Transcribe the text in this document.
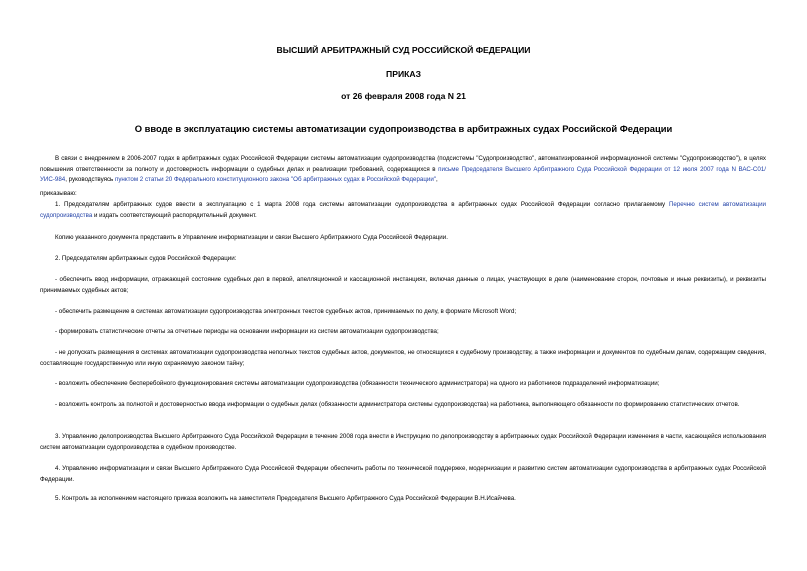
ВЫСШИЙ АРБИТРАЖНЫЙ СУД РОССИЙСКОЙ ФЕДЕРАЦИИ
ПРИКАЗ
от 26 февраля 2008 года N 21
О вводе в эксплуатацию системы автоматизации судопроизводства в арбитражных судах Российской Федерации
В связи с внедрением в 2006-2007 годах в арбитражных судах Российской Федерации системы автоматизации судопроизводства (подсистемы "Судопроизводство", автоматизированной информационной системы "Судопроизводство"), в целях повышения ответственности за полноту и достоверность информации о судебных делах и реализации требований, содержащихся в письме Председателя Высшего Арбитражного Суда Российской Федерации от 12 июля 2007 года N ВАС-С01/УИС-984, руководствуясь пунктом 2 статьи 20 Федерального конституционного закона "Об арбитражных судах в Российской Федерации",
приказываю:
1. Председателям арбитражных судов ввести в эксплуатацию с 1 марта 2008 года системы автоматизации судопроизводства в арбитражных судах Российской Федерации согласно прилагаемому Перечню систем автоматизации судопроизводства и издать соответствующий распорядительный документ.
Копию указанного документа представить в Управление информатизации и связи Высшего Арбитражного Суда Российской Федерации.
2. Председателям арбитражных судов Российской Федерации:
- обеспечить ввод информации, отражающей состояние судебных дел в первой, апелляционной и кассационной инстанциях, включая данные о лицах, участвующих в деле (наименование сторон, почтовые и иные реквизиты), и реквизиты принимаемых судебных актов;
- обеспечить размещение в системах автоматизации судопроизводства электронных текстов судебных актов, принимаемых по делу, в формате Microsoft Word;
- формировать статистические отчеты за отчетные периоды на основании информации из систем автоматизации судопроизводства;
- не допускать размещения в системах автоматизации судопроизводства неполных текстов судебных актов, документов, не относящихся к судебному производству, а также информации и документов по судебным делам, содержащим сведения, составляющие государственную или иную охраняемую законом тайну;
- возложить обеспечение бесперебойного функционирования системы автоматизации судопроизводства (обязанности технического администратора) на одного из работников подразделений информатизации;
- возложить контроль за полнотой и достоверностью ввода информации о судебных делах (обязанности администратора системы судопроизводства) на работника, выполняющего обязанности по формированию статистических отчетов.
3. Управлению делопроизводства Высшего Арбитражного Суда Российской Федерации в течение 2008 года внести в Инструкцию по делопроизводству в арбитражных судах Российской Федерации изменения в части, касающейся использования систем автоматизации судопроизводства в судебном производстве.
4. Управлению информатизации и связи Высшего Арбитражного Суда Российской Федерации обеспечить работы по технической поддержке, модернизации и развитию систем автоматизации судопроизводства в арбитражных судах Российской Федерации.
5. Контроль за исполнением настоящего приказа возложить на заместителя Председателя Высшего Арбитражного Суда Российской Федерации В.Н.Исайчева.
